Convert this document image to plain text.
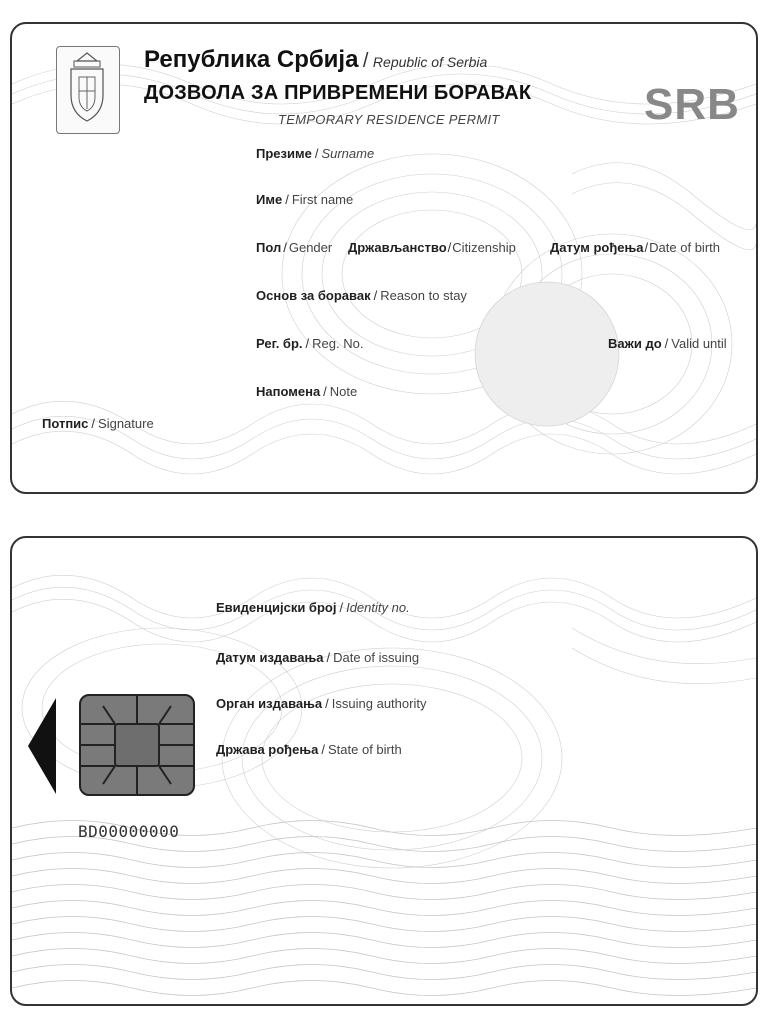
Република Србија / Republic of Serbia
ДОЗВОЛА ЗА ПРИВРЕМЕНИ БОРАВАК
TEMPORARY RESIDENCE PERMIT	SRB
Презиме / Surname
Име / First name
Пол / Gender Држављанство / Citizenship	Датум рођења / Date of birth
Основ за боравак / Reason to stay
Рег. бр. / Reg. No.	Важи до / Valid until
Напомена / Note
Потпис / Signature
BD00000000
Евиденцијски број / Identity no.
Датум издавања / Date of issuing
Орган издавања / Issuing authority
Држава рођења / State of birth
